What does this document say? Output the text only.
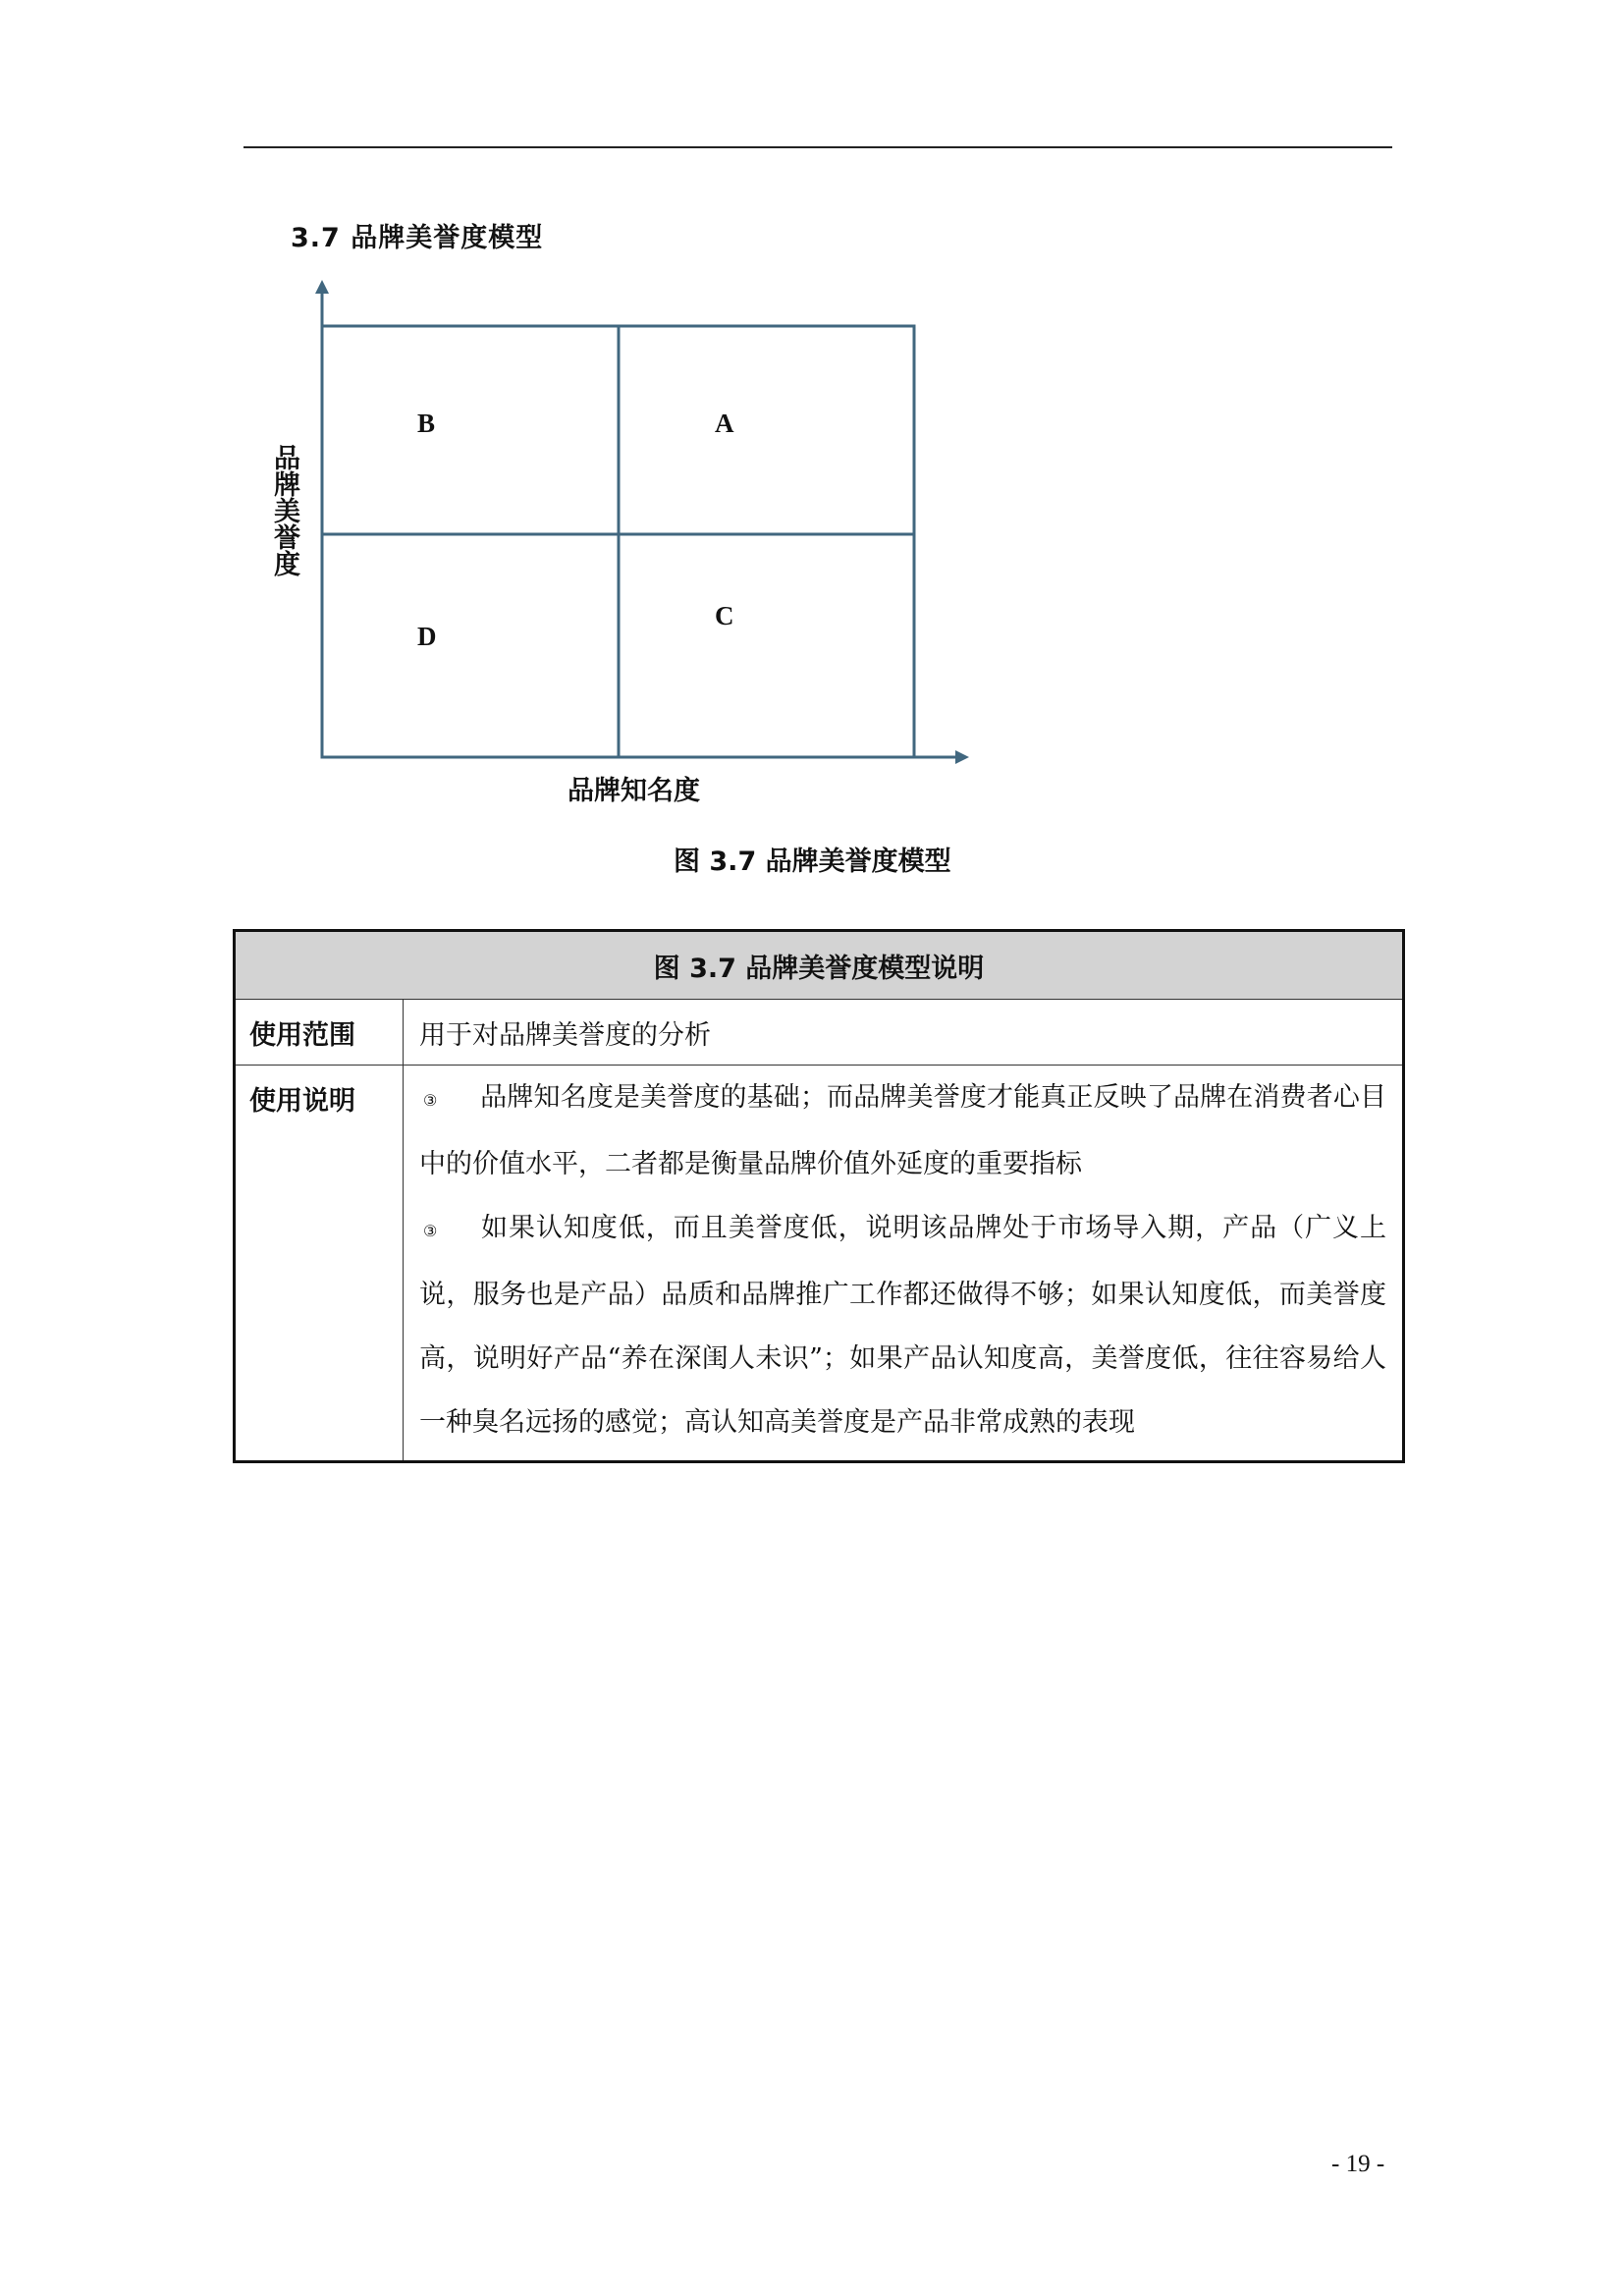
3.7 品牌美誉度模型
B	A
D
C
品牌美誉度
品牌知名度
图 3.7 品牌美誉度模型
图 3.7 品牌美誉度模型说明	
使用范围	用于对品牌美誉度的分析
使用说明	③ 品牌知名度是美誉度的基础；而品牌美誉度才能真正反映了品牌在消费者心目中的价值水平，二者都是衡量品牌价值外延度的重要指标
③ 如果认知度低，而且美誉度低，说明该品牌处于市场导入期，产品（广义上说，服务也是产品）品质和品牌推广工作都还做得不够；如果认知度低，而美誉度高，说明好产品“养在深闺人未识”；如果产品认知度高，美誉度低，往往容易给人一种臭名远扬的感觉；高认知高美誉度是产品非常成熟的表现
- 19 -
